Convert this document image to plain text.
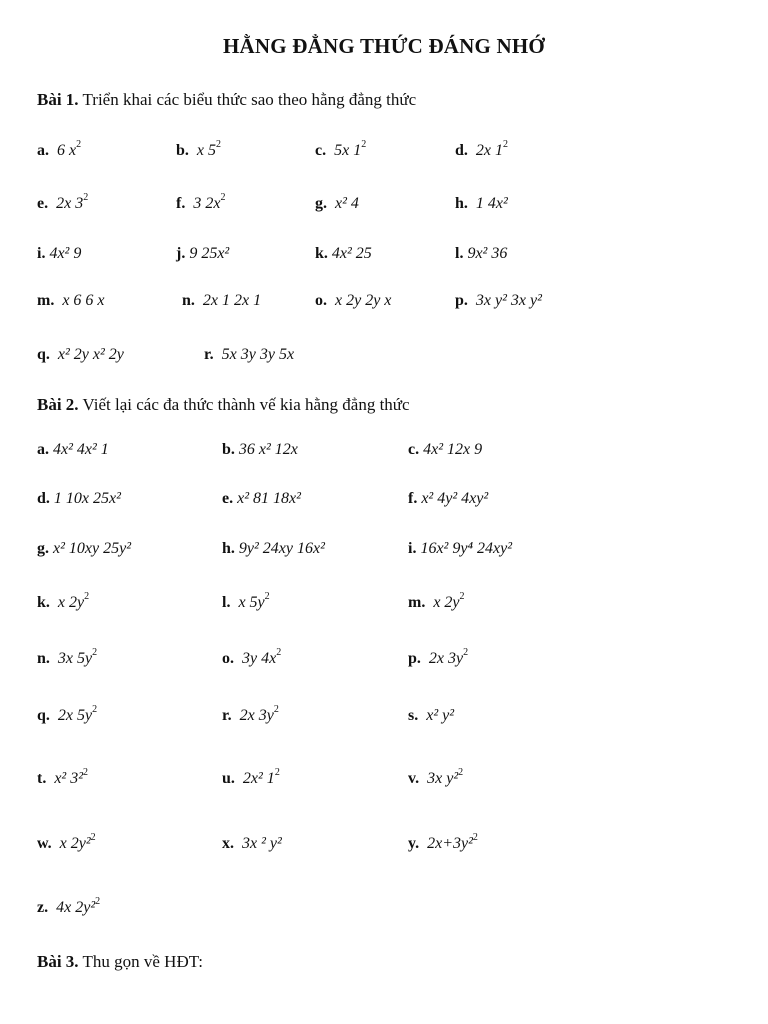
HẰNG ĐẲNG THỨC ĐÁNG NHỚ
Bài 1. Triển khai các biểu thức sao theo hằng đẳng thức
a. 6 $x^2$	b. x $5^2$	c. 5x $1^2$	d. 2x $1^2$
e. 2x $3^2$	f. 3 $2x^2$	g. x² 4	h. 1 4x²
i. 4x² 9	j. 9 25x²	k. 4x² 25	l. 9x² 36
m. x 6 6 x	n. 2x 1 2x 1	o. x 2y 2y x	p. 3x y² 3x y²
q. x² 2y x² 2y	r. 5x 3y 3y 5x
Bài 2. Viết lại các đa thức thành vế kia hằng đẳng thức
a. 4x² 4x² 1	b. 36 x² 12x	c. 4x² 12x 9
d. 1 10x 25x²	e. x² 81 18x²	f. x² 4y² 4xy²
g. x² 10xy 25y²	h. 9y² 24xy 16x²	i. 16x² 9y⁴ 24xy²
k. x $2y^2$	l. x $5y^2$	m. x $2y^2$
n. 3x $5y^2$	o. 3y $4x^2$	p. 2x $3y^2$
q. 2x $5y^2$	r. 2x $3y^2$	s. x² y²
t. x² 3²$^2$	u. 2x² $1^2$	v. 3x y²$^2$
w. x 2y²$^2$	x. 3x ² y²	y. 2x+3y²$^2$
z. 4x 2y²$^2$
Bài 3. Thu gọn về HĐT:
